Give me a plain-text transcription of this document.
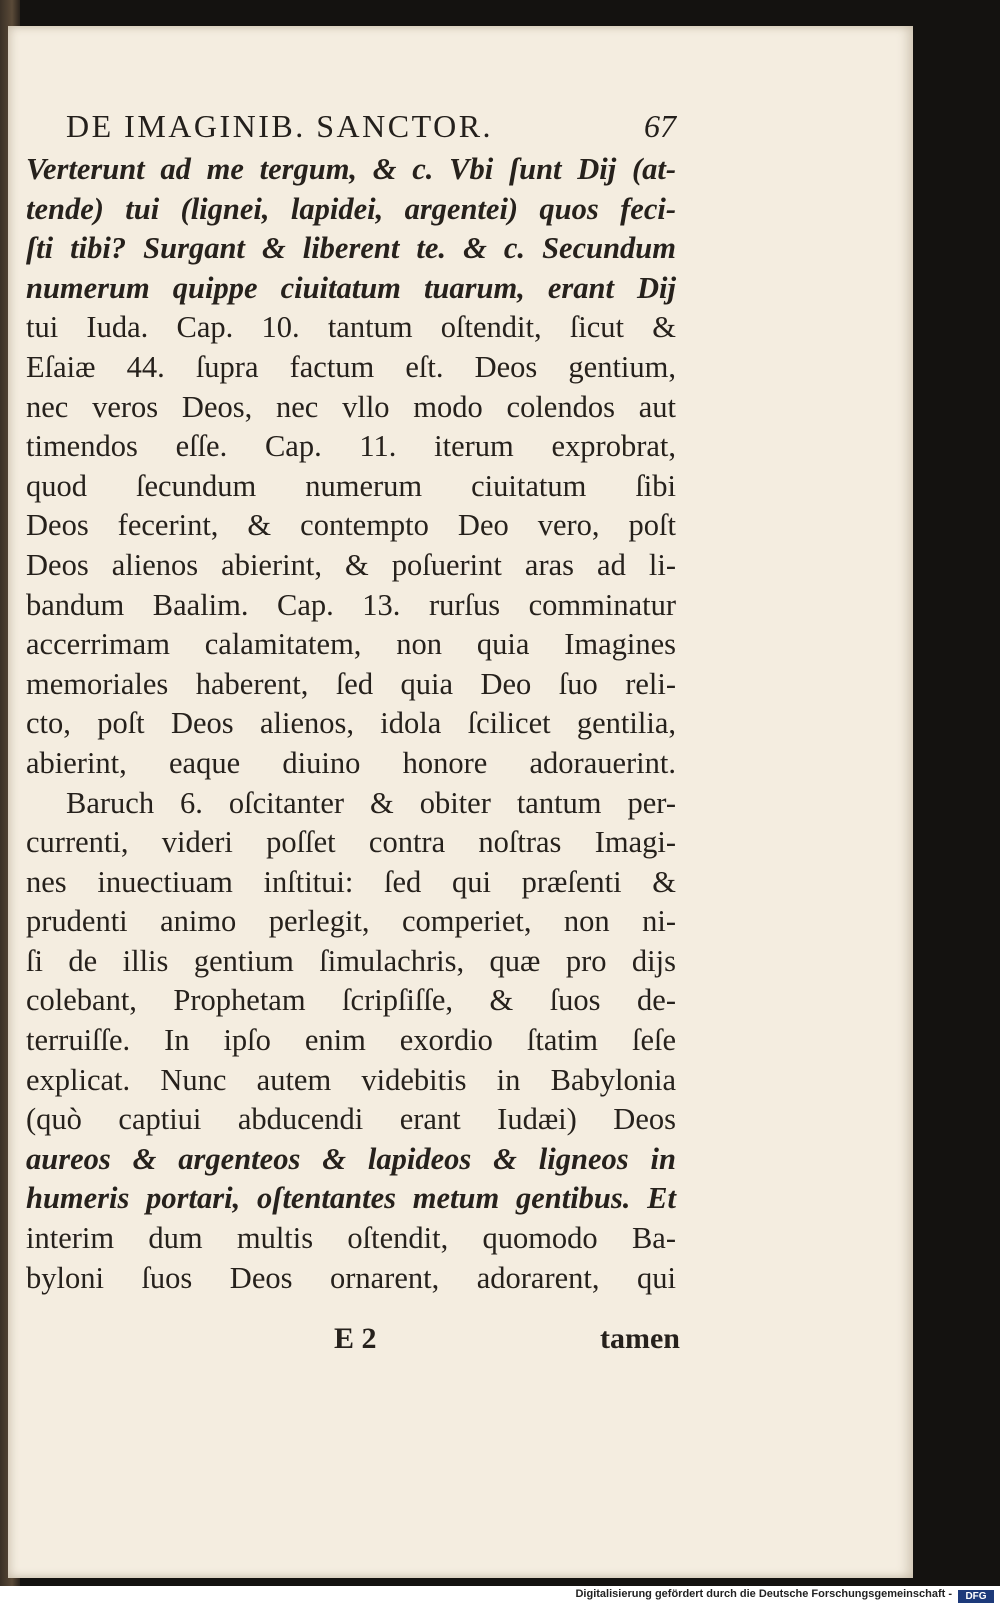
DE IMAGINIB. SANCTOR.	67
Verterunt ad me tergum, & c. Vbi ſunt Dij (at-
tende) tui (lignei, lapidei, argentei) quos feci-
ſti tibi? Surgant & liberent te. & c. Secundum
numerum quippe ciuitatum tuarum, erant Dij
tui Iuda. Cap. 10. tantum oſtendit, ſicut &
Eſaiæ 44. ſupra factum eſt. Deos gentium,
nec veros Deos, nec vllo modo colendos aut
timendos eſſe. Cap. 11. iterum exprobrat,
quod ſecundum numerum ciuitatum ſibi
Deos fecerint, & contempto Deo vero, poſt
Deos alienos abierint, & poſuerint aras ad li-
bandum Baalim. Cap. 13. rurſus comminatur
accerrimam calamitatem, non quia Imagines
memoriales haberent, ſed quia Deo ſuo reli-
cto, poſt Deos alienos, idola ſcilicet gentilia,
abierint, eaque diuino honore adorauerint.
Baruch 6. oſcitanter & obiter tantum per-
currenti, videri poſſet contra noſtras Imagi-
nes inuectiuam inſtitui: ſed qui præſenti &
prudenti animo perlegit, comperiet, non ni-
ſi de illis gentium ſimulachris, quæ pro dijs
colebant, Prophetam ſcripſiſſe, & ſuos de-
terruiſſe. In ipſo enim exordio ſtatim ſeſe
explicat. Nunc autem videbitis in Babylonia
(quò captiui abducendi erant Iudæi) Deos
aureos & argenteos & lapideos & ligneos in
humeris portari, oſtentantes metum gentibus. Et
interim dum multis oſtendit, quomodo Ba-
byloni ſuos Deos ornarent, adorarent, qui
E 2	tamen
Digitalisierung gefördert durch die Deutsche Forschungsgemeinschaft -	DFG
